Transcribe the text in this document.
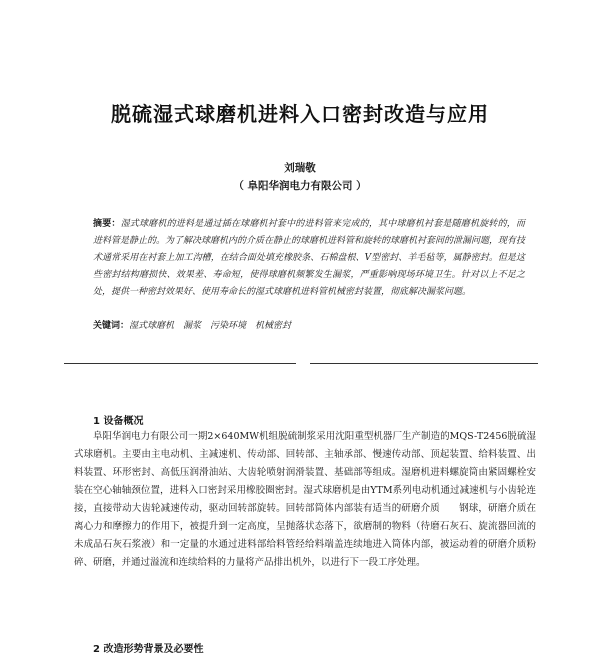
脱硫湿式球磨机进料入口密封改造与应用
刘瑞敬
（ 阜阳华润电力有限公司 ）
摘要：湿式球磨机的进料是通过插在球磨机衬套中的进料管来完成的，其中球磨机衬套是随磨机旋转的，而进料管是静止的。为了解决球磨机内的介质在静止的球磨机进料管和旋转的球磨机衬套间的泄漏问题，现有技术通常采用在衬套上加工沟槽，在结合面处填充橡胶条、石棉盘根、V型密封、羊毛毡等，属静密封。但是这些密封结构磨损快、效果差、寿命短，使得球磨机频繁发生漏浆，严重影响现场环境卫生。针对以上不足之处，提供一种密封效果好、使用寿命长的湿式球磨机进料管机械密封装置，彻底解决漏浆问题。
关键词：湿式球磨机　漏浆　污染环境　机械密封
1 设备概况
阜阳华润电力有限公司一期2×640MW机组脱硫制浆采用沈阳重型机器厂生产制造的MQS-T2456脱硫湿式球磨机。主要由主电动机、主减速机、传动部、回转部、主轴承部、慢速传动部、顶起装置、给料装置、出料装置、环形密封、高低压润滑油站、大齿轮喷射润滑装置、基础部等组成。湿磨机进料螺旋筒由紧固螺栓安装在空心轴轴颈位置，进料入口密封采用橡胶圈密封。湿式球磨机是由YTM系列电动机通过减速机与小齿轮连接，直接带动大齿轮减速传动，驱动回转部旋转。回转部筒体内部装有适当的研磨介质　　钢球，研磨介质在离心力和摩擦力的作用下，被提升到一定高度，呈抛落状态落下，欲磨制的物料（待磨石灰石、旋流器回流的未成品石灰石浆液）和一定量的水通过进料部给料管经给料端盖连续地进入筒体内部，被运动着的研磨介质粉碎、研磨，并通过溢流和连续给料的力量将产品排出机外，以进行下一段工序处理。
2 改造形势背景及必要性
